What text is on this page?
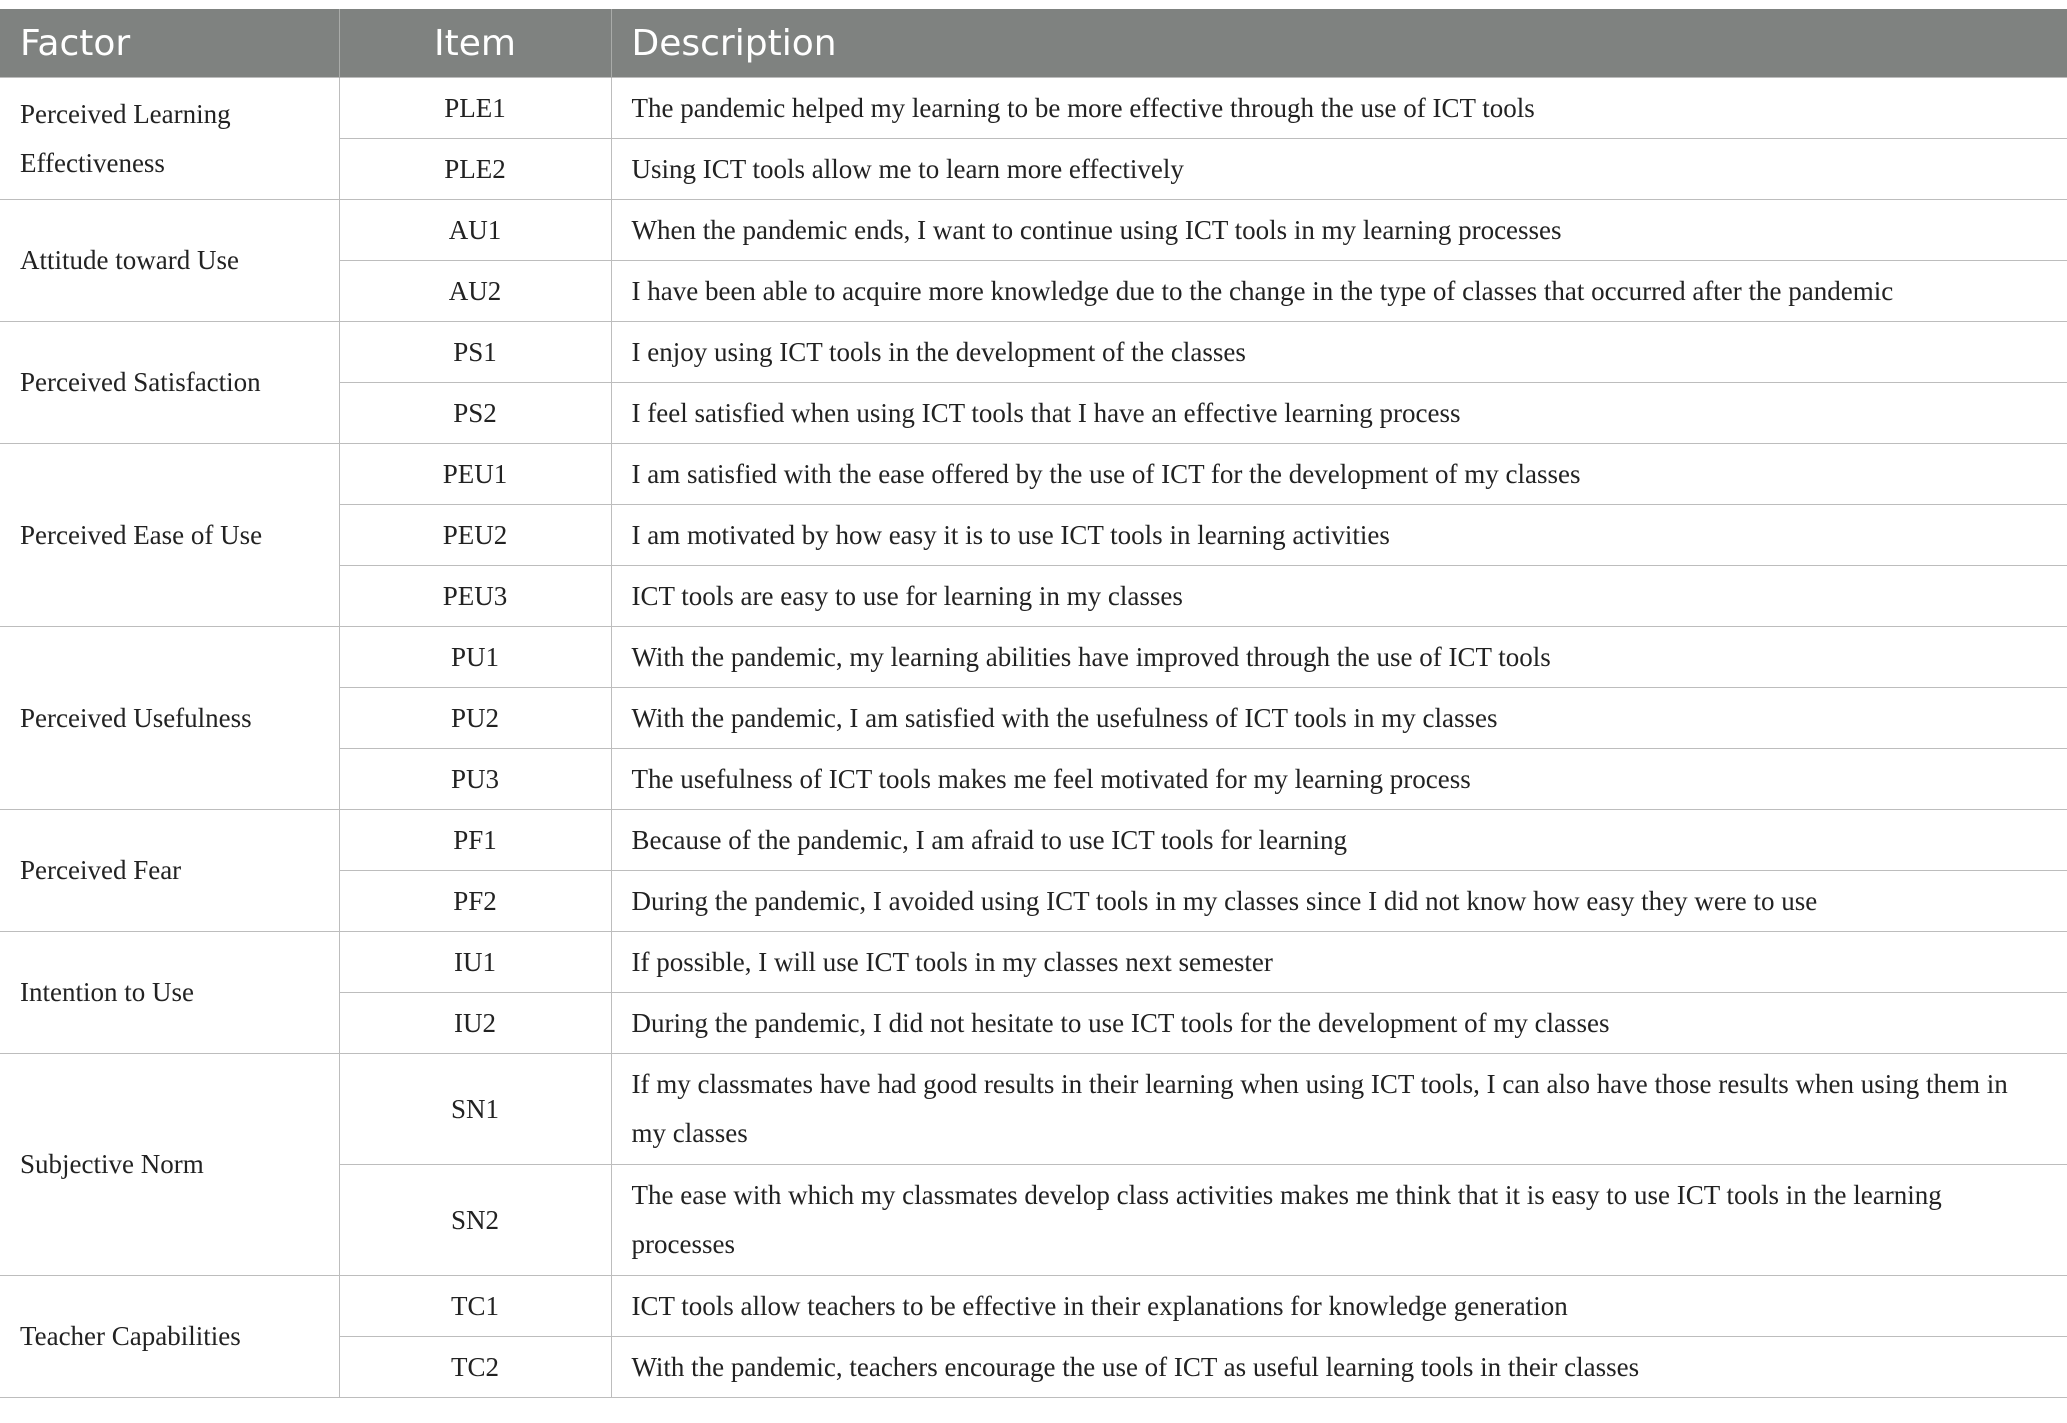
Factor	Item	Description
Perceived Learning Effectiveness	PLE1	The pandemic helped my learning to be more effective through the use of ICT tools
	PLE2	Using ICT tools allow me to learn more effectively
Attitude toward Use	AU1	When the pandemic ends, I want to continue using ICT tools in my learning processes
	AU2	I have been able to acquire more knowledge due to the change in the type of classes that occurred after the pandemic
Perceived Satisfaction	PS1	I enjoy using ICT tools in the development of the classes
	PS2	I feel satisfied when using ICT tools that I have an effective learning process
Perceived Ease of Use	PEU1	I am satisfied with the ease offered by the use of ICT for the development of my classes
	PEU2	I am motivated by how easy it is to use ICT tools in learning activities
	PEU3	ICT tools are easy to use for learning in my classes
Perceived Usefulness	PU1	With the pandemic, my learning abilities have improved through the use of ICT tools
	PU2	With the pandemic, I am satisfied with the usefulness of ICT tools in my classes
	PU3	The usefulness of ICT tools makes me feel motivated for my learning process
Perceived Fear	PF1	Because of the pandemic, I am afraid to use ICT tools for learning
	PF2	During the pandemic, I avoided using ICT tools in my classes since I did not know how easy they were to use
Intention to Use	IU1	If possible, I will use ICT tools in my classes next semester
	IU2	During the pandemic, I did not hesitate to use ICT tools for the development of my classes
Subjective Norm	SN1	If my classmates have had good results in their learning when using ICT tools, I can also have those results when using them in my classes
	SN2	The ease with which my classmates develop class activities makes me think that it is easy to use ICT tools in the learning processes
Teacher Capabilities	TC1	ICT tools allow teachers to be effective in their explanations for knowledge generation
	TC2	With the pandemic, teachers encourage the use of ICT as useful learning tools in their classes
